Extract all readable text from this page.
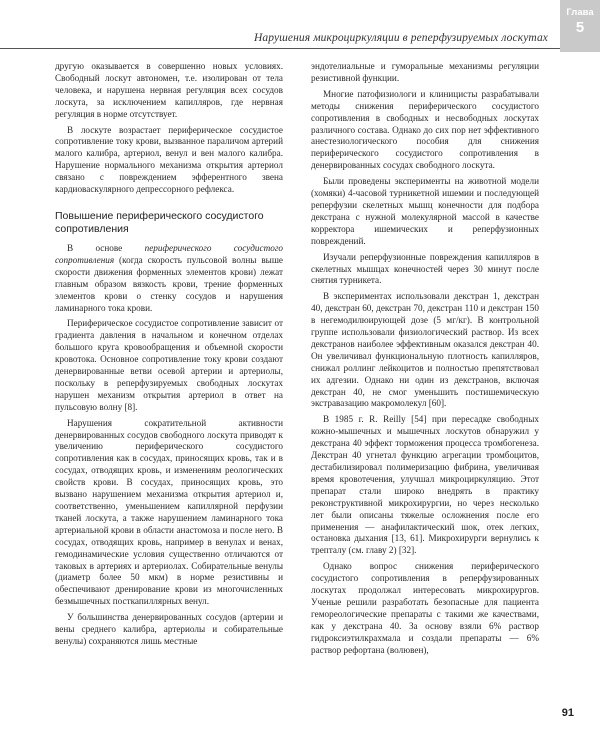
Нарушения микроциркуляции в реперфузируемых лоскутах
Глава
5

другую оказывается в совершенно новых условиях. Свободный лоскут автономен, т.е. изолирован от тела человека, и нарушена нервная регуляция всех сосудов лоскута, за исключением капилляров, где нервная регуляция в норме отсутствует.

В лоскуте возрастает периферическое сосудистое сопротивление току крови, вызванное параличом артерий малого калибра, артериол, венул и вен малого калибра. Нарушение нормального механизма открытия артериол связано с повреждением эфферентного звена кардиоваскулярного депрессорного рефлекса.

Повышение периферического сосудистого сопротивления

В основе периферического сосудистого сопротивления (когда скорость пульсовой волны выше скорости движения форменных элементов крови) лежат главным образом вязкость крови, трение форменных элементов крови о стенку сосудов и нарушения ламинарного тока крови.

Периферическое сосудистое сопротивление зависит от градиента давления в начальном и конечном отделах большого круга кровообращения и объемной скорости кровотока. Основное сопротивление току крови создают денервированные ветви осевой артерии и артериолы, поскольку в реперфузируемых свободных лоскутах нарушен механизм открытия артериол в ответ на пульсовую волну [8].

Нарушения сократительной активности денервированных сосудов свободного лоскута приводят к увеличению периферического сосудистого сопротивления как в сосудах, приносящих кровь, так и в сосудах, отводящих кровь, и изменениям реологических свойств крови. В сосудах, приносящих кровь, это вызвано нарушением механизма открытия артериол и, соответственно, уменьшением капиллярной перфузии тканей лоскута, а также нарушением ламинарного тока артериальной крови в области анастомоза и после него. В сосудах, отводящих кровь, например в венулах и венах, гемодинамические условия существенно отличаются от таковых в артериях и артериолах. Собирательные венулы (диаметр более 50 мкм) в норме резистивны и обеспечивают дренирование крови из многочисленных безмышечных посткапиллярных венул.

У большинства денервированных сосудов (артерии и вены среднего калибра, артериолы и собирательные венулы) сохраняются лишь местные

эндотелиальные и гуморальные механизмы регуляции резистивной функции.

Многие патофизиологи и клиницисты разрабатывали методы снижения периферического сосудистого сопротивления в свободных и несвободных лоскутах различного состава. Однако до сих пор нет эффективного анестезиологического пособия для снижения периферического сосудистого сопротивления в денервированных сосудах свободного лоскута.

Были проведены эксперименты на животной модели (хомяки) 4-часовой турникетной ишемии и последующей реперфузии скелетных мышц конечности для подбора декстрана с нужной молекулярной массой в качестве корректора ишемических и реперфузионных повреждений.

Изучали реперфузионные повреждения капилляров в скелетных мышцах конечностей через 30 минут после снятия турникета.

В экспериментах использовали декстран 1, декстран 40, декстран 60, декстран 70, декстран 110 и декстран 150 в негемодилюирующей дозе (5 мг/кг). В контрольной группе использовали физиологический раствор. Из всех декстранов наиболее эффективным оказался декстран 40. Он увеличивал функциональную плотность капилляров, снижал роллинг лейкоцитов и полностью препятствовал их адгезии. Однако ни один из декстранов, включая декстран 40, не смог уменьшить постишемическую экстравазацию макромолекул [60].

В 1985 г. R. Reilly [54] при пересадке свободных кожно-мышечных и мышечных лоскутов обнаружил у декстрана 40 эффект торможения процесса тромбогенеза. Декстран 40 угнетал функцию агрегации тромбоцитов, дестабилизировал полимеризацию фибрина, увеличивая время кровотечения, улучшал микроциркуляцию. Этот препарат стали широко внедрять в практику реконструктивной микрохирургии, но через несколько лет были описаны тяжелые осложнения после его применения — анафилактический шок, отек легких, остановка дыхания [13, 61]. Микрохирурги вернулись к трепталу (см. главу 2) [32].

Однако вопрос снижения периферического сосудистого сопротивления в реперфузированных лоскутах продолжал интересовать микрохирургов. Ученые решили разработать безопасные для пациента гемореологические препараты с такими же качествами, как у декстрана 40. За основу взяли 6% раствор гидроксиэтилкрахмала и создали препараты — 6% раствор рефортана (волювен),

91
